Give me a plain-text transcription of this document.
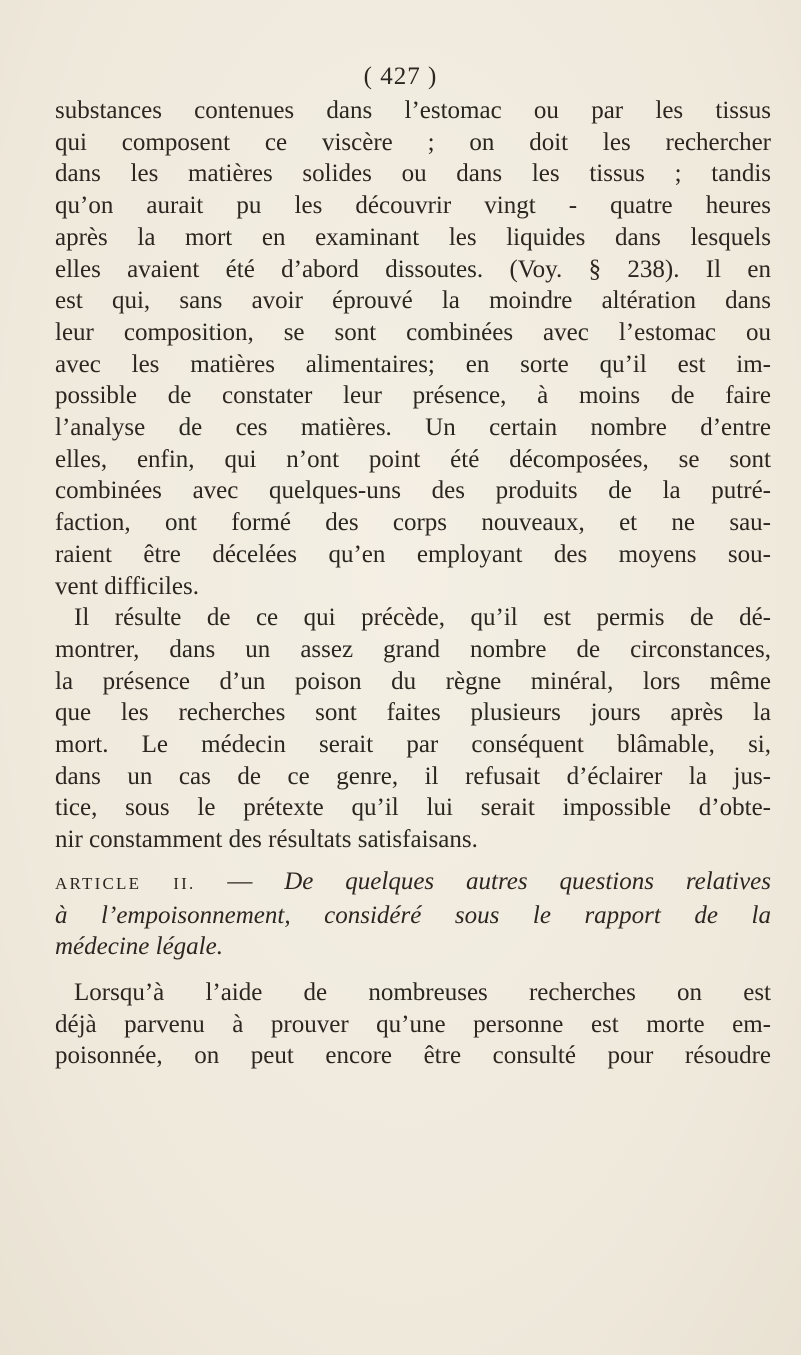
( 427 )
substances contenues dans l’estomac ou par les tissus
qui composent ce viscère ; on doit les rechercher
dans les matières solides ou dans les tissus ; tandis
qu’on aurait pu les découvrir vingt - quatre heures
après la mort en examinant les liquides dans lesquels
elles avaient été d’abord dissoutes. (Voy. § 238). Il en
est qui, sans avoir éprouvé la moindre altération dans
leur composition, se sont combinées avec l’estomac ou
avec les matières alimentaires; en sorte qu’il est im-
possible de constater leur présence, à moins de faire
l’analyse de ces matières. Un certain nombre d’entre
elles, enfin, qui n’ont point été décomposées, se sont
combinées avec quelques-uns des produits de la putré-
faction, ont formé des corps nouveaux, et ne sau-
raient être décelées qu’en employant des moyens sou-
vent difficiles.
Il résulte de ce qui précède, qu’il est permis de dé-
montrer, dans un assez grand nombre de circonstances,
la présence d’un poison du règne minéral, lors même
que les recherches sont faites plusieurs jours après la
mort. Le médecin serait par conséquent blâmable, si,
dans un cas de ce genre, il refusait d’éclairer la jus-
tice, sous le prétexte qu’il lui serait impossible d’obte-
nir constamment des résultats satisfaisans.
ARTICLE II. — De quelques autres questions relatives
à l’empoisonnement, considéré sous le rapport de la
médecine légale.
Lorsqu’à l’aide de nombreuses recherches on est
déjà parvenu à prouver qu’une personne est morte em-
poisonnée, on peut encore être consulté pour résoudre
